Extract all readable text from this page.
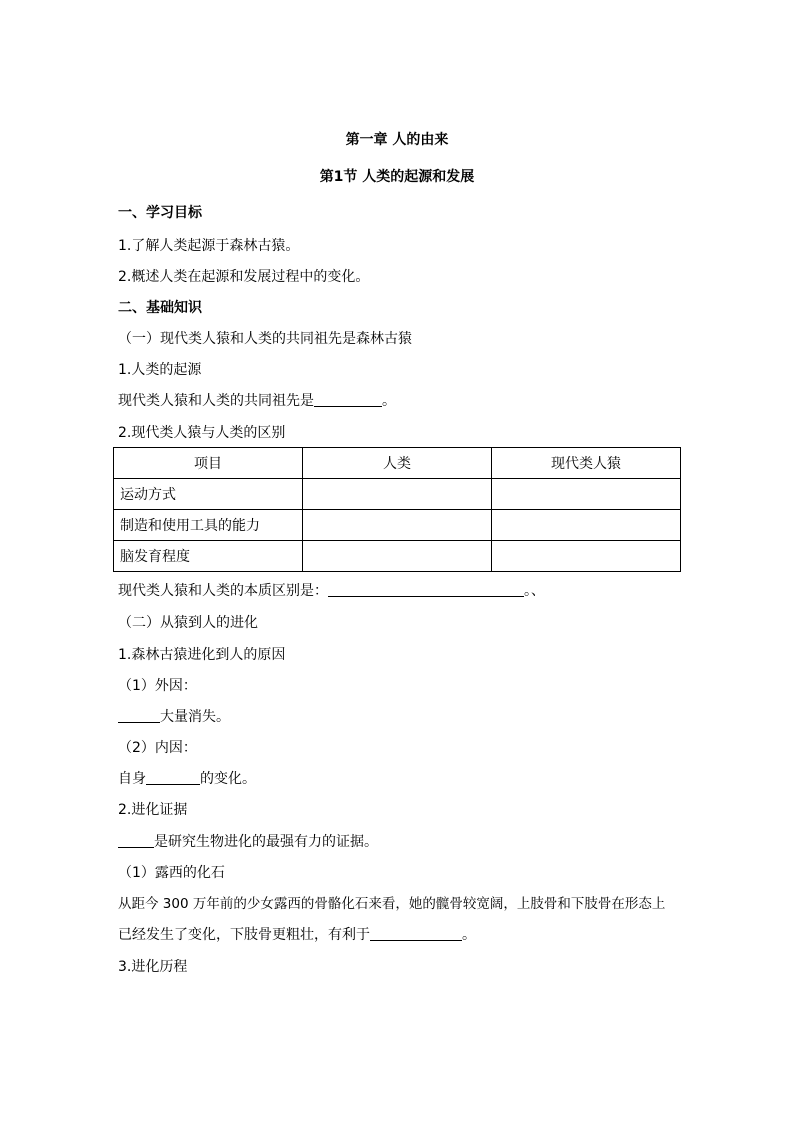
第一章 人的由来
第1节 人类的起源和发展
一、学习目标
1.了解人类起源于森林古猿。
2.概述人类在起源和发展过程中的变化。
二、基础知识
（一）现代类人猿和人类的共同祖先是森林古猿
1.人类的起源
现代类人猿和人类的共同祖先是	。
2.现代类人猿与人类的区别
项目	人类	现代类人猿
运动方式		
制造和使用工具的能力		
脑发育程度		
现代类人猿和人类的本质区别是：	。、
（二）从猿到人的进化
1.森林古猿进化到人的原因
（1）外因：
大量消失。
（2）内因：
自身	的变化。
2.进化证据
是研究生物进化的最强有力的证据。
（1）露西的化石
从距今 300 万年前的少女露西的骨骼化石来看，她的髋骨较宽阔，上肢骨和下肢骨在形态上
已经发生了变化，下肢骨更粗壮，有利于	。
3.进化历程
